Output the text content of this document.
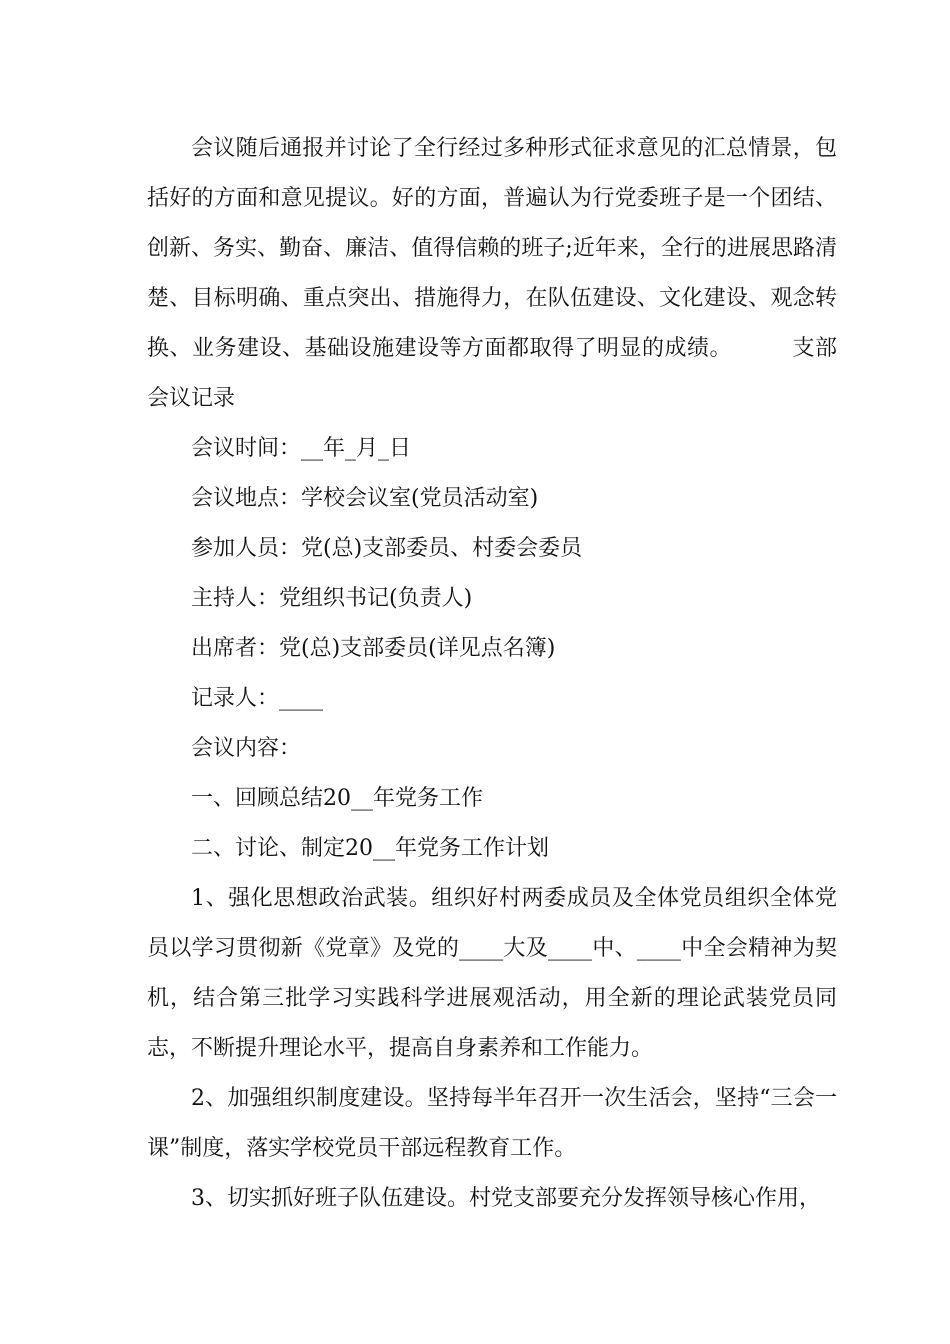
会议随后通报并讨论了全行经过多种形式征求意见的汇总情景，包括好的方面和意见提议。好的方面，普遍认为行党委班子是一个团结、创新、务实、勤奋、廉洁、值得信赖的班子;近年来，全行的进展思路清楚、目标明确、重点突出、措施得力，在队伍建设、文化建设、观念转换、业务建设、基础设施建设等方面都取得了明显的成绩。	支部会议记录

会议时间：__年_月_日

会议地点：学校会议室(党员活动室)

参加人员：党(总)支部委员、村委会委员

主持人：党组织书记(负责人)

出席者：党(总)支部委员(详见点名簿)

记录人：____

会议内容：

一、回顾总结20__年党务工作

二、讨论、制定20__年党务工作计划

1、强化思想政治武装。组织好村两委成员及全体党员组织全体党员以学习贯彻新《党章》及党的____大及____中、____中全会精神为契机，结合第三批学习实践科学进展观活动，用全新的理论武装党员同志，不断提升理论水平，提高自身素养和工作能力。

2、加强组织制度建设。坚持每半年召开一次生活会，坚持“三会一课”制度，落实学校党员干部远程教育工作。

3、切实抓好班子队伍建设。村党支部要充分发挥领导核心作用，
